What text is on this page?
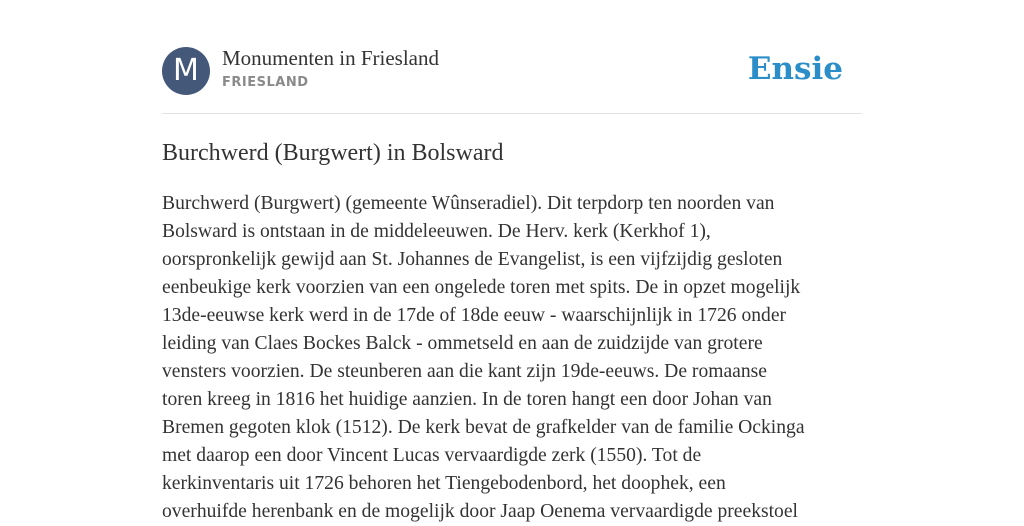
M Monumenten in Friesland
FRIESLAND	Ensie
Burchwerd (Burgwert) in Bolsward

Burchwerd (Burgwert) (gemeente Wûnseradiel). Dit terpdorp ten noorden van
Bolsward is ontstaan in de middeleeuwen. De Herv. kerk (Kerkhof 1),
oorspronkelijk gewijd aan St. Johannes de Evangelist, is een vijfzijdig gesloten
eenbeukige kerk voorzien van een ongelede toren met spits. De in opzet mogelijk
13de-eeuwse kerk werd in de 17de of 18de eeuw - waarschijnlijk in 1726 onder
leiding van Claes Bockes Balck - ommetseld en aan de zuidzijde van grotere
vensters voorzien. De steunberen aan die kant zijn 19de-eeuws. De romaanse
toren kreeg in 1816 het huidige aanzien. In de toren hangt een door Johan van
Bremen gegoten klok (1512). De kerk bevat de grafkelder van de familie Ockinga
met daarop een door Vincent Lucas vervaardigde zerk (1550). Tot de
kerkinventaris uit 1726 behoren het Tiengebodenbord, het doophek, een
overhuifde herenbank en de mogelijk door Jaap Oenema vervaardigde preekstoel
